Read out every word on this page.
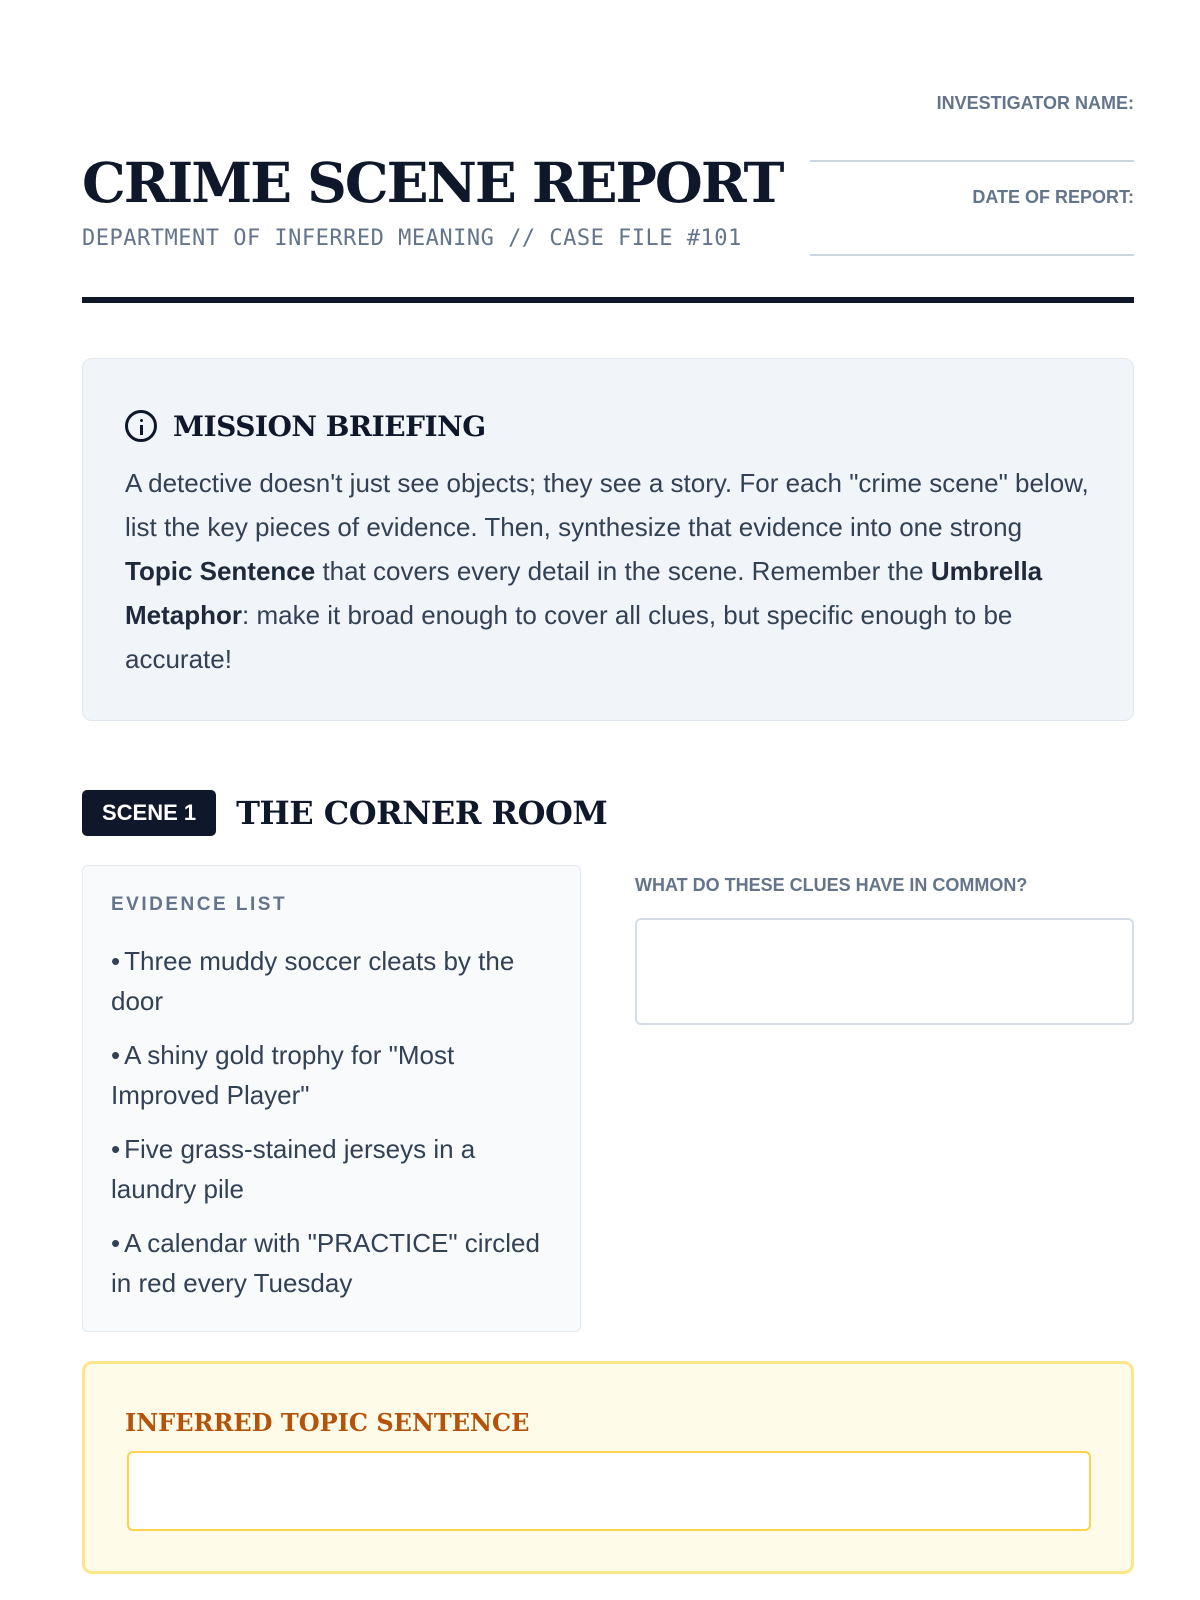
CRIME SCENE REPORT
DEPARTMENT OF INFERRED MEANING // CASE FILE #101
INVESTIGATOR NAME:
DATE OF REPORT:
MISSION BRIEFING

A detective doesn't just see objects; they see a story. For each "crime scene" below, list the key pieces of evidence. Then, synthesize that evidence into one strong Topic Sentence that covers every detail in the scene. Remember the Umbrella Metaphor: make it broad enough to cover all clues, but specific enough to be accurate!

SCENE 1	THE CORNER ROOM
EVIDENCE LIST
• Three muddy soccer cleats by the door
• A shiny gold trophy for "Most Improved Player"
• Five grass-stained jerseys in a laundry pile
• A calendar with "PRACTICE" circled in red every Tuesday
WHAT DO THESE CLUES HAVE IN COMMON?
INFERRED TOPIC SENTENCE
